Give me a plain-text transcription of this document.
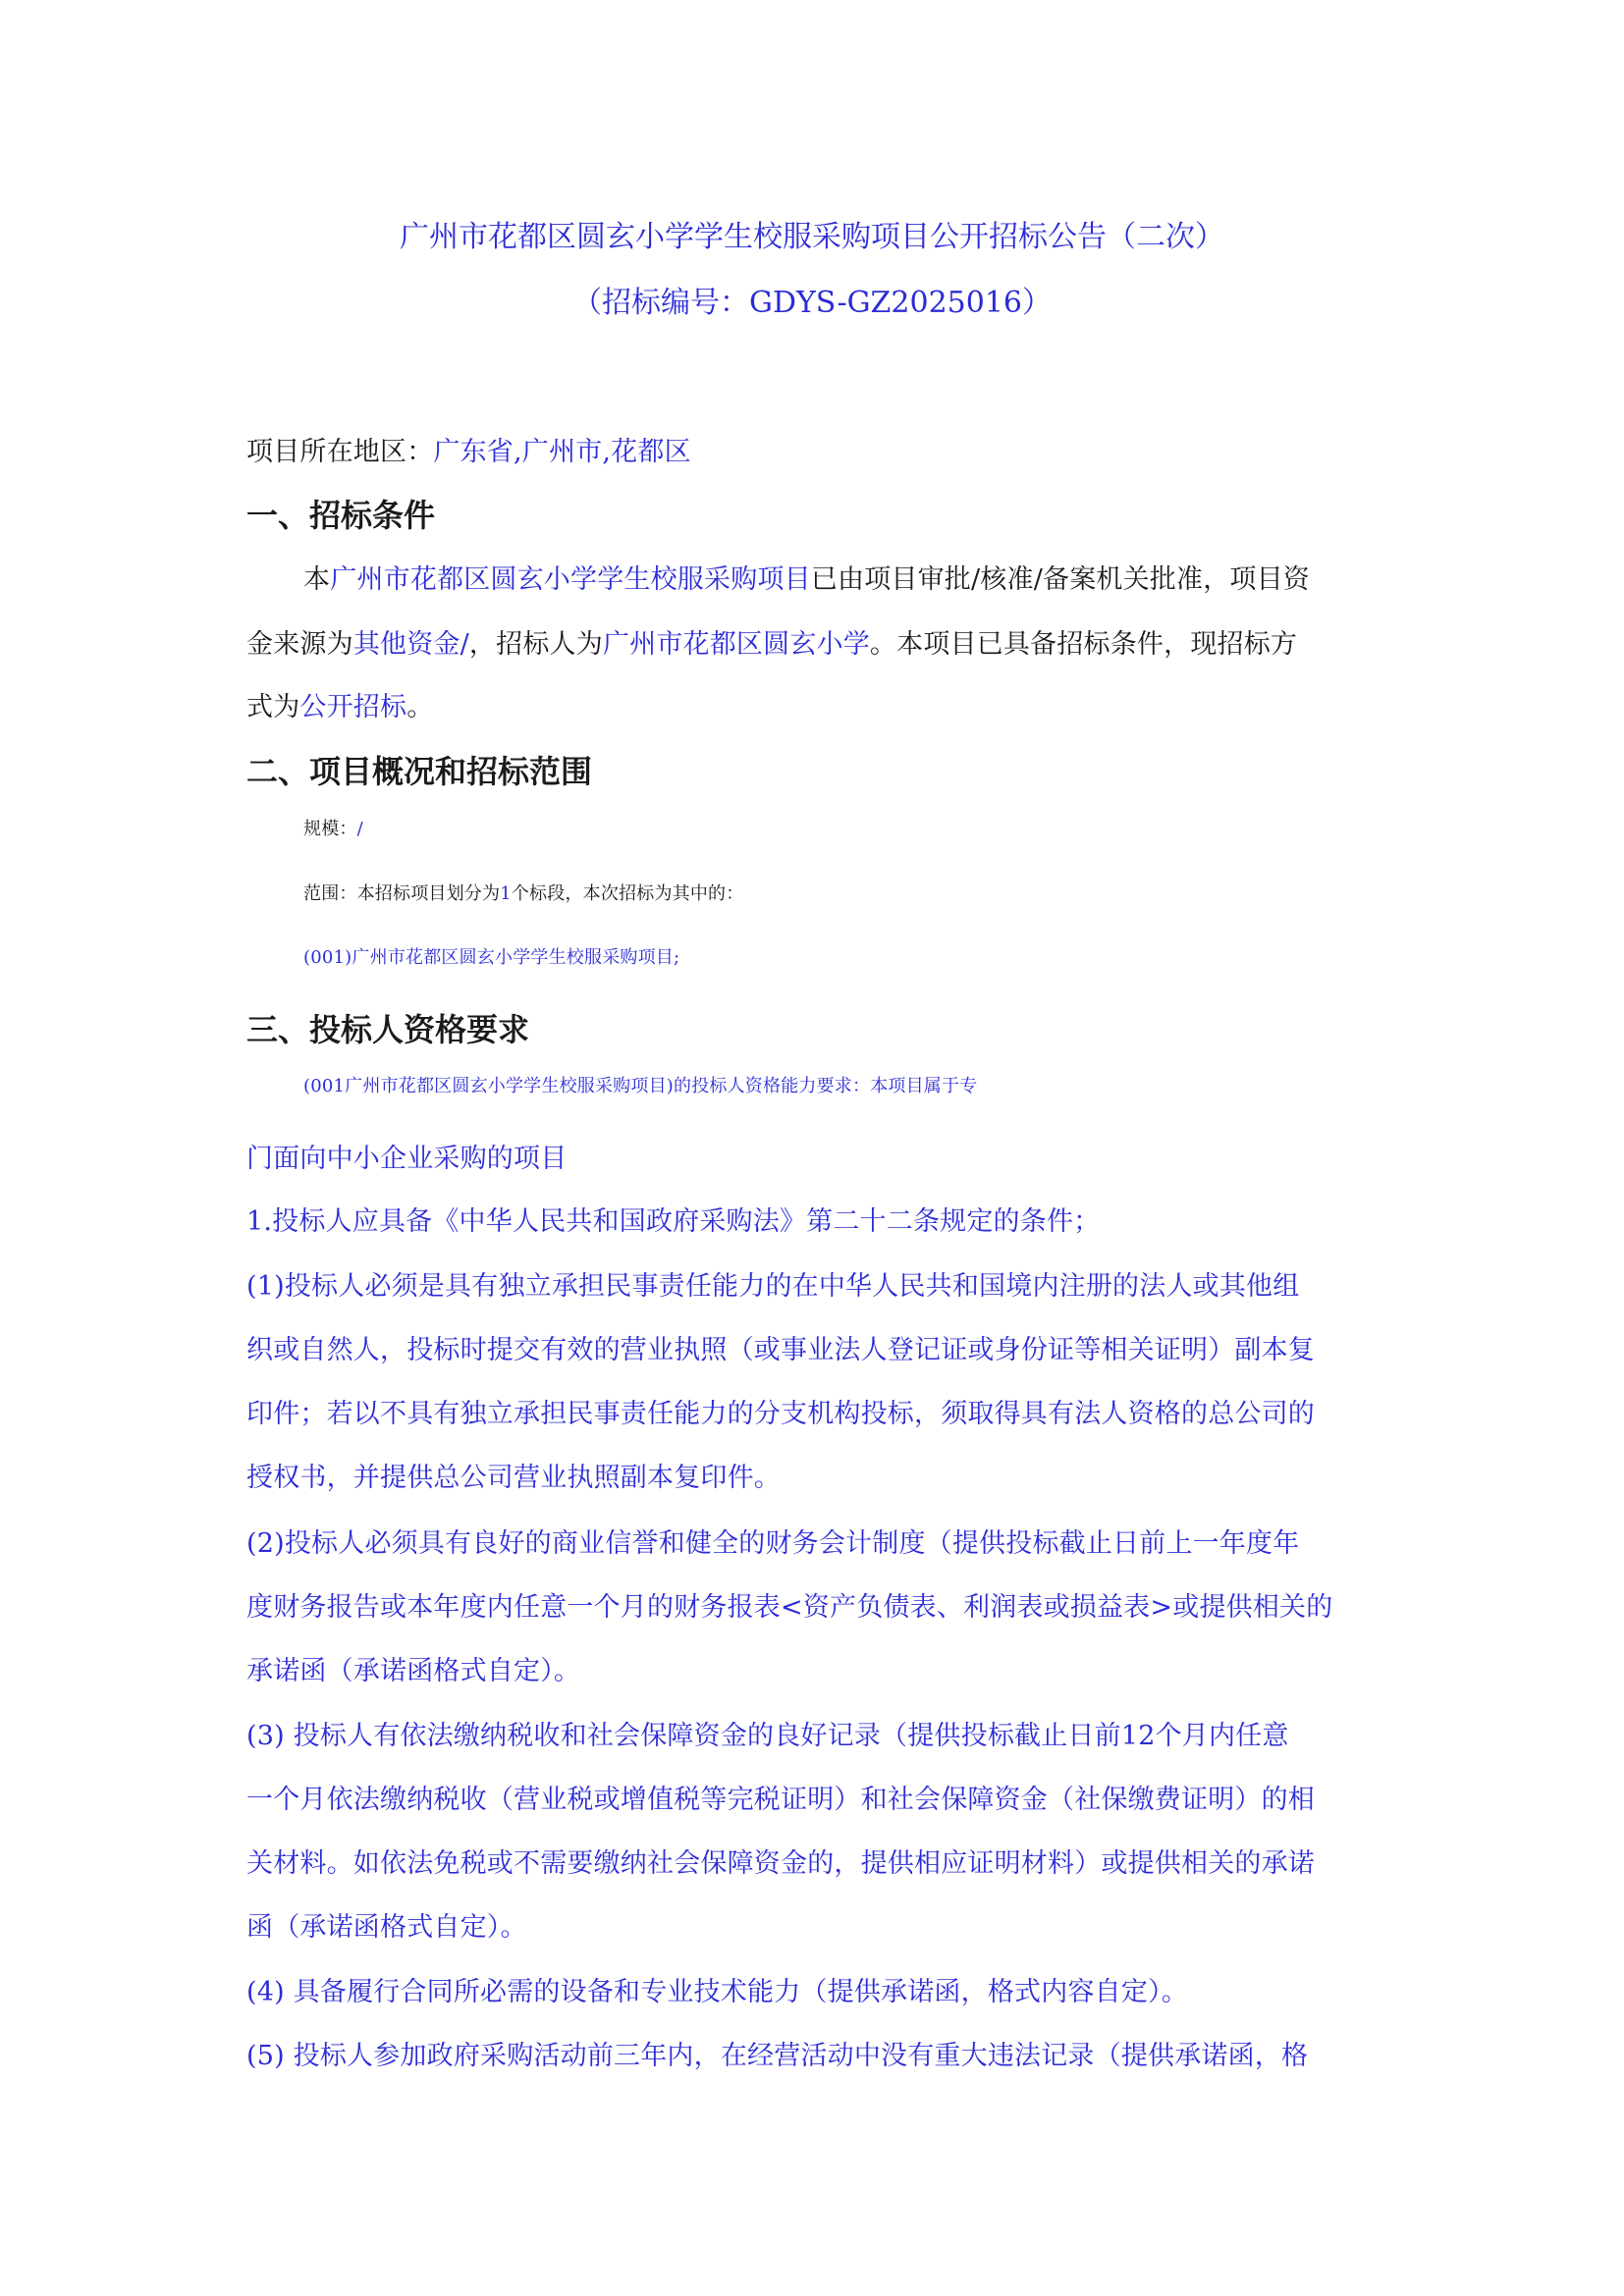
广州市花都区圆玄小学学生校服采购项目公开招标公告（二次）
（招标编号：GDYS-GZ2025016）
项目所在地区：广东省,广州市,花都区
一、招标条件
本广州市花都区圆玄小学学生校服采购项目已由项目审批/核准/备案机关批准，项目资
金来源为其他资金/，招标人为广州市花都区圆玄小学。本项目已具备招标条件，现招标方
式为公开招标。
二、项目概况和招标范围
规模：/
范围：本招标项目划分为1个标段，本次招标为其中的：
(001)广州市花都区圆玄小学学生校服采购项目;
三、投标人资格要求
(001广州市花都区圆玄小学学生校服采购项目)的投标人资格能力要求：本项目属于专
门面向中小企业采购的项目
1.投标人应具备《中华人民共和国政府采购法》第二十二条规定的条件；
(1)投标人必须是具有独立承担民事责任能力的在中华人民共和国境内注册的法人或其他组
织或自然人，投标时提交有效的营业执照（或事业法人登记证或身份证等相关证明）副本复
印件；若以不具有独立承担民事责任能力的分支机构投标，须取得具有法人资格的总公司的
授权书，并提供总公司营业执照副本复印件。
(2)投标人必须具有良好的商业信誉和健全的财务会计制度（提供投标截止日前上一年度年
度财务报告或本年度内任意一个月的财务报表<资产负债表、利润表或损益表>或提供相关的
承诺函（承诺函格式自定）。
(3) 投标人有依法缴纳税收和社会保障资金的良好记录（提供投标截止日前12个月内任意
一个月依法缴纳税收（营业税或增值税等完税证明）和社会保障资金（社保缴费证明）的相
关材料。如依法免税或不需要缴纳社会保障资金的，提供相应证明材料）或提供相关的承诺
函（承诺函格式自定）。
(4) 具备履行合同所必需的设备和专业技术能力（提供承诺函，格式内容自定）。
(5) 投标人参加政府采购活动前三年内，在经营活动中没有重大违法记录（提供承诺函，格
